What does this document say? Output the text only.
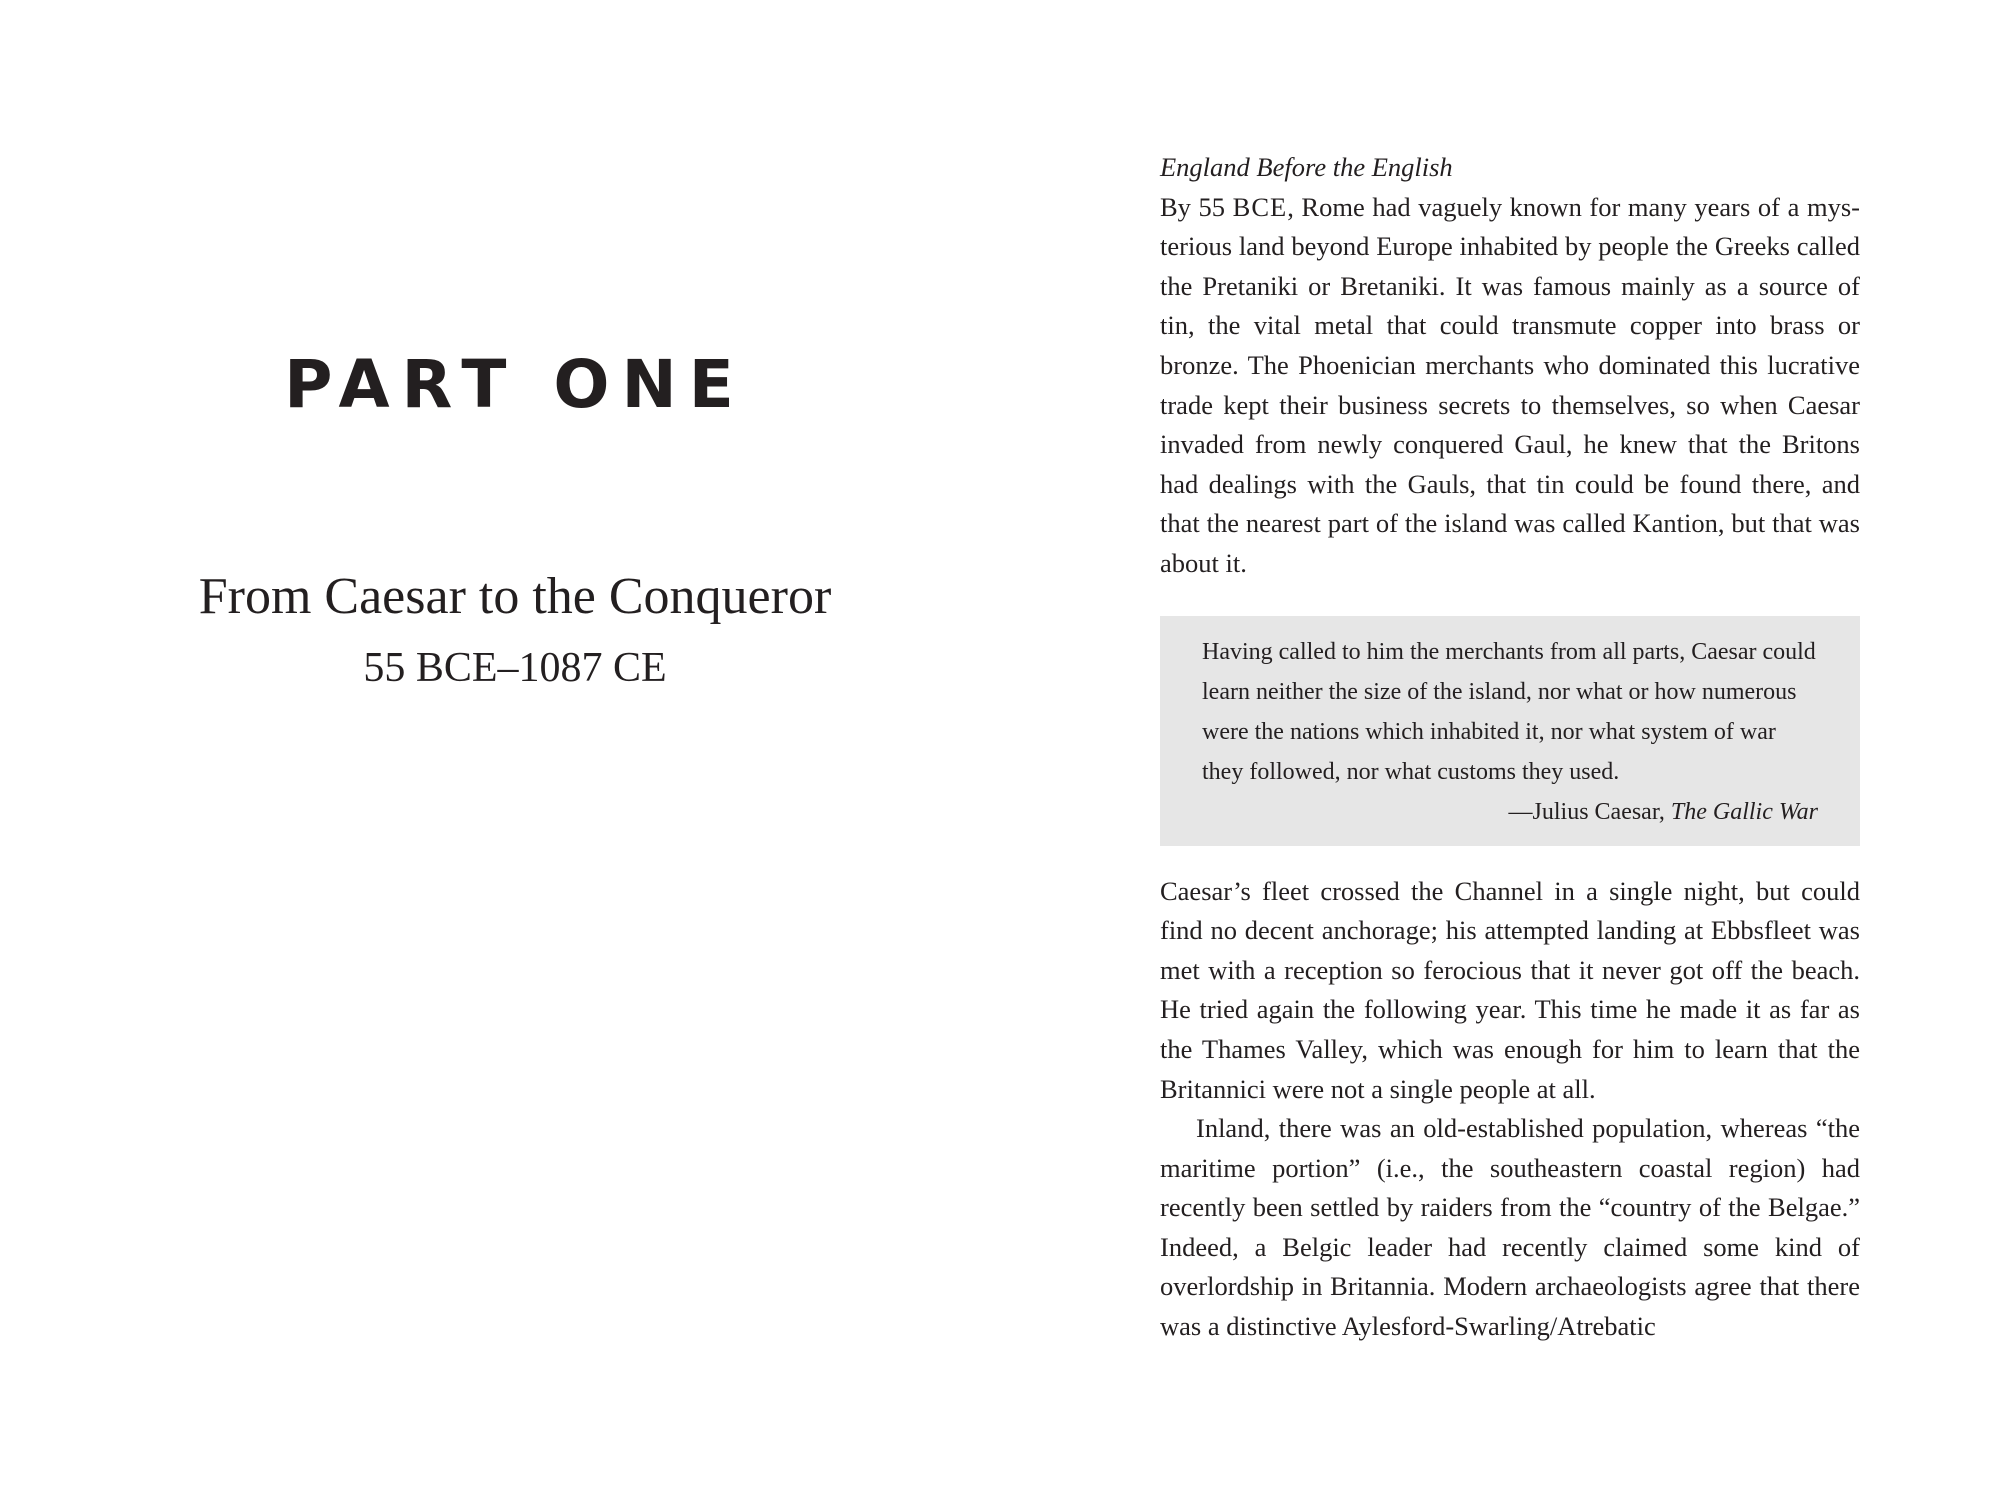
PART ONE
From Caesar to the Conqueror
55 BCE–1087 CE

England Before the English

By 55 BCE, Rome had vaguely known for many years of a mysterious land beyond Europe inhabited by people the Greeks called the Pretaniki or Bretaniki. It was famous mainly as a source of tin, the vital metal that could transmute copper into brass or bronze. The Phoenician merchants who dominated this lucrative trade kept their business secrets to themselves, so when Caesar invaded from newly conquered Gaul, he knew that the Britons had dealings with the Gauls, that tin could be found there, and that the nearest part of the island was called Kantion, but that was about it.

Having called to him the merchants from all parts, Caesar could learn neither the size of the island, nor what or how numerous were the nations which inhabited it, nor what system of war they followed, nor what customs they used.

—Julius Caesar, The Gallic War

Caesar’s fleet crossed the Channel in a single night, but could find no decent anchorage; his attempted landing at Ebbsfleet was met with a reception so ferocious that it never got off the beach. He tried again the following year. This time he made it as far as the Thames Valley, which was enough for him to learn that the Britannici were not a single people at all.

Inland, there was an old-established population, whereas “the maritime portion” (i.e., the southeastern coastal region) had recently been settled by raiders from the “country of the Belgae.” Indeed, a Belgic leader had recently claimed some kind of overlordship in Britannia. Modern archaeologists agree that there was a distinctive Aylesford-Swarling/Atrebatic
